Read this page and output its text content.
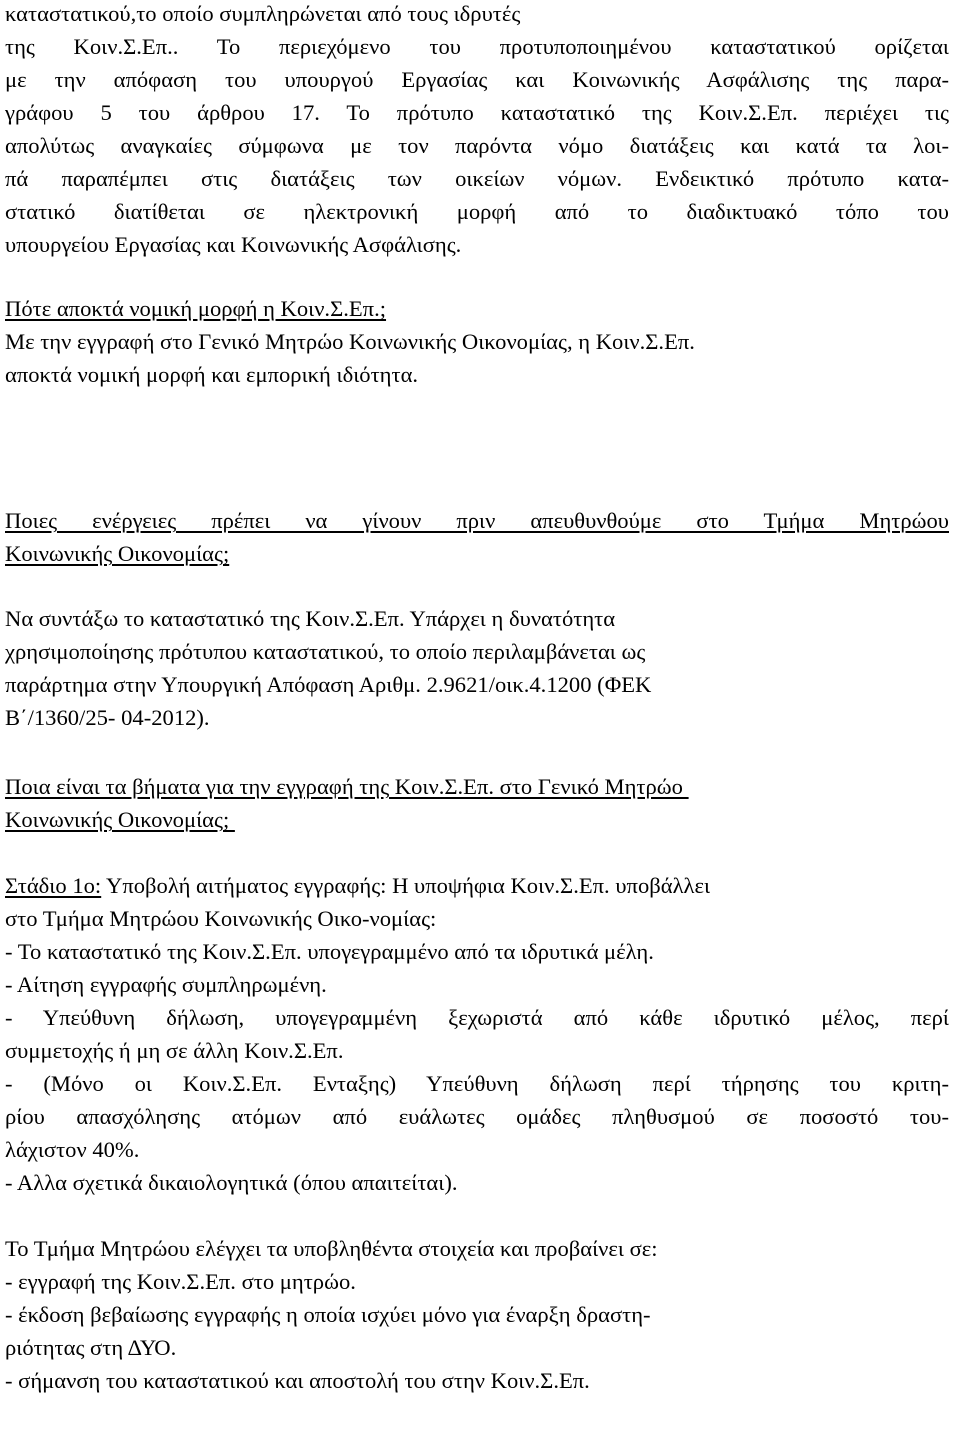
καταστατικού,το οποίο συμπληρώνεται από τους ιδρυτές
της Κοιν.Σ.Επ.. Το περιεχόμενο του προτυποποιημένου καταστατικού ορίζεται
με την απόφαση του υπουργού Εργασίας και Κοινωνικής Ασφάλισης της παρα-
γράφου 5 του άρθρου 17. Το πρότυπο καταστατικό της Κοιν.Σ.Επ. περιέχει τις
απολύτως αναγκαίες σύμφωνα με τον παρόντα νόμο διατάξεις και κατά τα λοι-
πά παραπέμπει στις διατάξεις των οικείων νόμων. Ενδεικτικό πρότυπο κατα-
στατικό διατίθεται σε ηλεκτρονική μορφή από το διαδικτυακό τόπο του
υπουργείου Εργασίας και Κοινωνικής Ασφάλισης.
Πότε αποκτά νομική μορφή η Κοιν.Σ.Επ.;
Με την εγγραφή στο Γενικό Μητρώο Κοινωνικής Οικονομίας, η Κοιν.Σ.Επ.
αποκτά νομική μορφή και εμπορική ιδιότητα.
Ποιες ενέργειες πρέπει να γίνουν πριν απευθυνθούμε στο Τμήμα Μητρώου
Κοινωνικής Οικονομίας;
Να συντάξω το καταστατικό της Κοιν.Σ.Επ. Υπάρχει η δυνατότητα
χρησιμοποίησης πρότυπου καταστατικού, το οποίο περιλαμβάνεται ως
παράρτημα στην Υπουργική Απόφαση Αριθμ. 2.9621/οικ.4.1200 (ΦΕΚ
Β΄/1360/25- 04-2012).
Ποια είναι τα βήματα για την εγγραφή της Κοιν.Σ.Επ. στο Γενικό Μητρώο
Κοινωνικής Οικονομίας;
Στάδιο 1ο: Υποβολή αιτήματος εγγραφής: Η υποψήφια Κοιν.Σ.Επ. υποβάλλει
στο Τμήμα Μητρώου Κοινωνικής Οικο-νομίας:
- Το καταστατικό της Κοιν.Σ.Επ. υπογεγραμμένο από τα ιδρυτικά μέλη.
- Αίτηση εγγραφής συμπληρωμένη.
- Υπεύθυνη δήλωση, υπογεγραμμένη ξεχωριστά από κάθε ιδρυτικό μέλος, περί
συμμετοχής ή μη σε άλλη Κοιν.Σ.Επ.
- (Μόνο οι Κοιν.Σ.Επ. Ενταξης) Υπεύθυνη δήλωση περί τήρησης του κριτη-
ρίου απασχόλησης ατόμων από ευάλωτες ομάδες πληθυσμού σε ποσοστό του-
λάχιστον 40%.
- Αλλα σχετικά δικαιολογητικά (όπου απαιτείται).
Το Τμήμα Μητρώου ελέγχει τα υποβληθέντα στοιχεία και προβαίνει σε:
- εγγραφή της Κοιν.Σ.Επ. στο μητρώο.
- έκδοση βεβαίωσης εγγραφής η οποία ισχύει μόνο για έναρξη δραστη-
ριότητας στη ΔΥΟ.
- σήμανση του καταστατικού και αποστολή του στην Κοιν.Σ.Επ.
